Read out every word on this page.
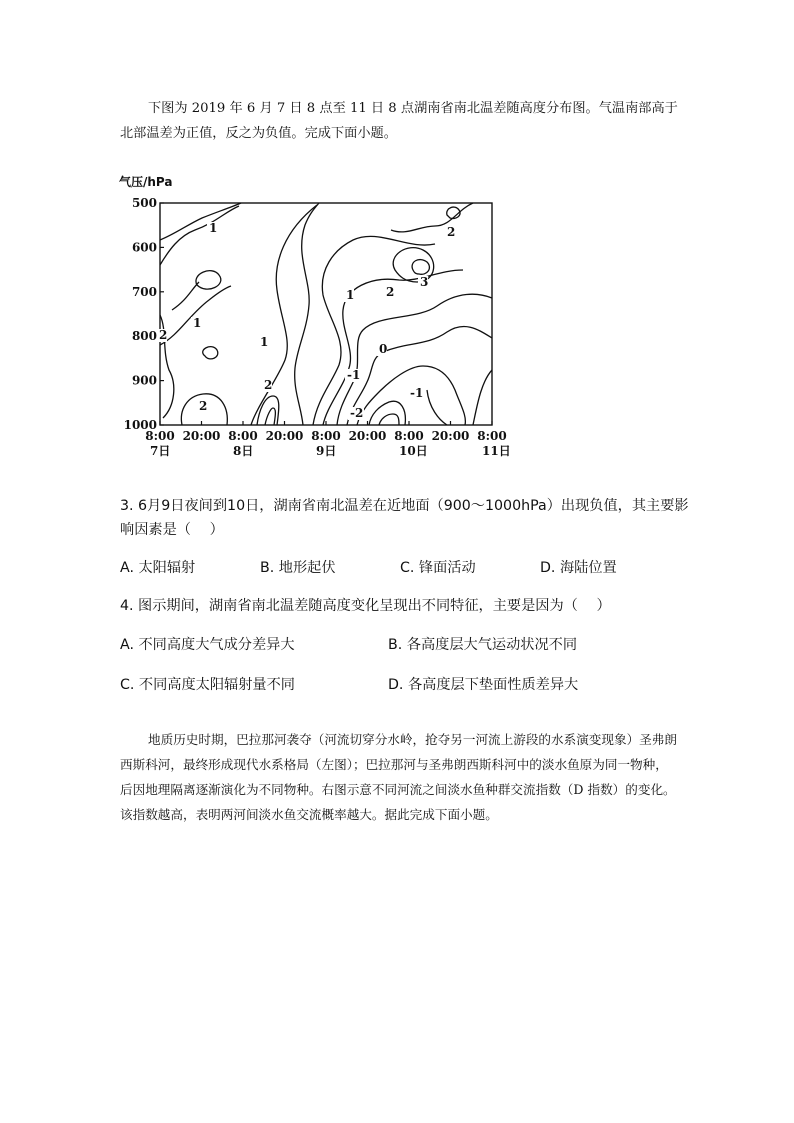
下图为 2019 年 6 月 7 日 8 点至 11 日 8 点湖南省南北温差随高度分布图。气温南部高于北部温差为正值，反之为负值。完成下面小题。
气压/hPa
500
600
700
800
900
1000
8:00
7日
20:00 8:00
8日
20:00 8:00
9日
20:00 8:00
10日
20:00 8:00
11日
1	2
3
2
1
1
2	1
2
2
0
-1
-1
-2
3. 6月9日夜间到10日，湖南省南北温差在近地面（900～1000hPa）出现负值，其主要影响因素是（　 ）
A. 太阳辐射	B. 地形起伏	C. 锋面活动	D. 海陆位置
4. 图示期间，湖南省南北温差随高度变化呈现出不同特征，主要是因为（　 ）
A. 不同高度大气成分差异大	B. 各高度层大气运动状况不同
C. 不同高度太阳辐射量不同	D. 各高度层下垫面性质差异大
地质历史时期，巴拉那河袭夺（河流切穿分水岭，抢夺另一河流上游段的水系演变现象）圣弗朗西斯科河，最终形成现代水系格局（左图）；巴拉那河与圣弗朗西斯科河中的淡水鱼原为同一物种，后因地理隔离逐渐演化为不同物种。右图示意不同河流之间淡水鱼种群交流指数（D 指数）的变化。该指数越高，表明两河间淡水鱼交流概率越大。据此完成下面小题。
